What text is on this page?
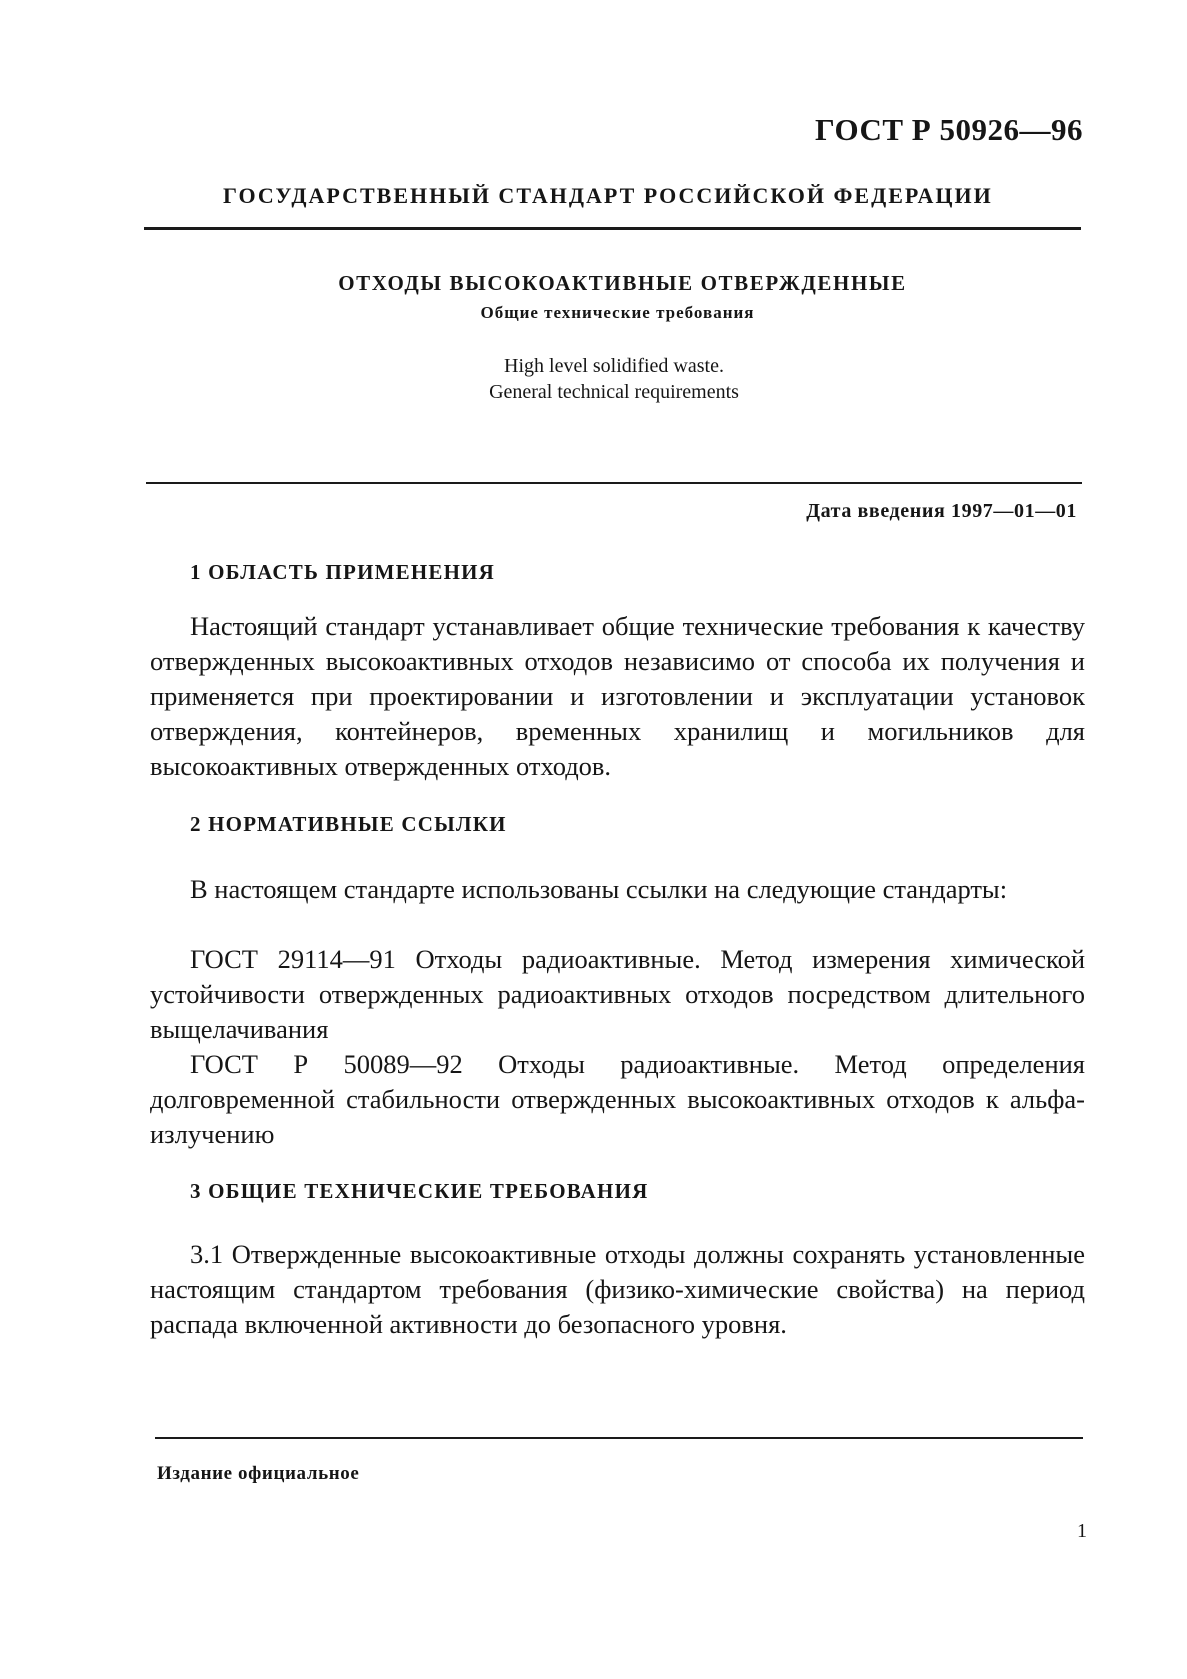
ГОСТ Р 50926—96
ГОСУДАРСТВЕННЫЙ СТАНДАРТ РОССИЙСКОЙ ФЕДЕРАЦИИ
ОТХОДЫ ВЫСОКОАКТИВНЫЕ ОТВЕРЖДЕННЫЕ
Общие технические требования
High level solidified waste.
General technical requirements
Дата введения 1997—01—01
1 ОБЛАСТЬ ПРИМЕНЕНИЯ
Настоящий стандарт устанавливает общие технические требования к качеству отвержденных высокоактивных отходов независимо от способа их получения и применяется при проектировании и изготовлении и эксплуатации установок отверждения, контейнеров, временных хранилищ и могильников для высокоактивных отвержденных отходов.
2 НОРМАТИВНЫЕ ССЫЛКИ
В настоящем стандарте использованы ссылки на следующие стандарты:
ГОСТ 29114—91 Отходы радиоактивные. Метод измерения химической устойчивости отвержденных радиоактивных отходов посредством длительного выщелачивания
ГОСТ Р 50089—92 Отходы радиоактивные. Метод определения долговременной стабильности отвержденных высокоактивных отходов к альфа-излучению
3 ОБЩИЕ ТЕХНИЧЕСКИЕ ТРЕБОВАНИЯ
3.1 Отвержденные высокоактивные отходы должны сохранять установленные настоящим стандартом требования (физико-химические свойства) на период распада включенной активности до безопасного уровня.
Издание официальное
1
